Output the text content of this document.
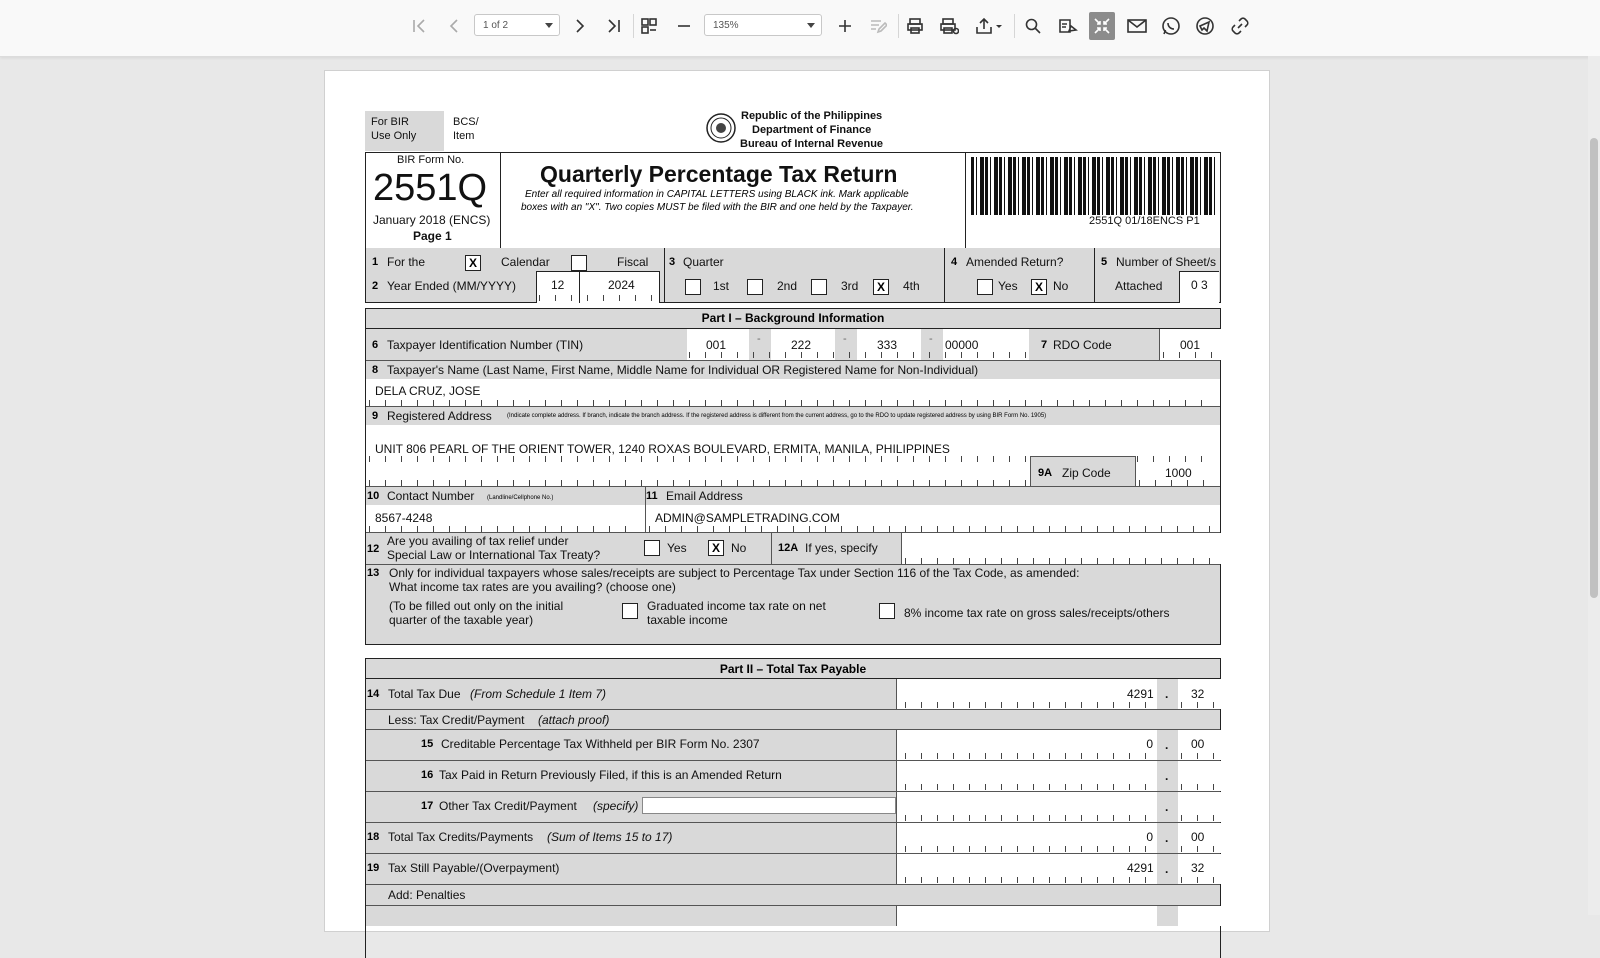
1 of 2	135%
For BIR
Use Only
BCS/
Item
Republic of the Philippines
Department of Finance
Bureau of Internal Revenue
BIR Form No.
2551Q
January 2018 (ENCS)
Page 1
Quarterly Percentage Tax Return
Enter all required information in CAPITAL LETTERS using BLACK ink. Mark applicable
boxes with an "X". Two copies MUST be filed with the BIR and one held by the Taxpayer.
2551Q 01/18ENCS P1
1 For the	X	Calendar	Fiscal
2 Year Ended (MM/YYYY)	12	2024
3 Quarter
1st	2nd	3rd	X	4th
4 Amended Return?
Yes	X No
5 Number of Sheet/s
Attached 0 3
Part I – Background Information
6 Taxpayer Identification Number (TIN)	001	-	222	-	333	- 00000	7 RDO Code	001
8 Taxpayer's Name (Last Name, First Name, Middle Name for Individual OR Registered Name for Non-Individual)
DELA CRUZ, JOSE
9 Registered Address	(Indicate complete address. If branch, indicate the branch address. If the registered address is different from the current address, go to the RDO to update registered address by using BIR Form No. 1905)
UNIT 806 PEARL OF THE ORIENT TOWER, 1240 ROXAS BOULEVARD, ERMITA, MANILA, PHILIPPINES
9A Zip Code	1000
10 Contact Number (Landline/Cellphone No.)	11 Email Address
8567-4248	ADMIN@SAMPLETRADING.COM
12
Are you availing of tax relief under
Special Law or International Tax Treaty?	Yes	X No	12A If yes, specify
13 Only for individual taxpayers whose sales/receipts are subject to Percentage Tax under Section 116 of the Tax Code, as amended:
What income tax rates are you availing? (choose one)
(To be filled out only on the initial
quarter of the taxable year)
Graduated income tax rate on net
taxable income	8% income tax rate on gross sales/receipts/others
Part II – Total Tax Payable
14 Total Tax Due (From Schedule 1 Item 7)	4291 . 32
Less: Tax Credit/Payment (attach proof)
15 Creditable Percentage Tax Withheld per BIR Form No. 2307	0 . 00
16 Tax Paid in Return Previously Filed, if this is an Amended Return	.
17 Other Tax Credit/Payment (specify)	.
18 Total Tax Credits/Payments (Sum of Items 15 to 17)	0 . 00
19 Tax Still Payable/(Overpayment)	4291 . 32
Add: Penalties
